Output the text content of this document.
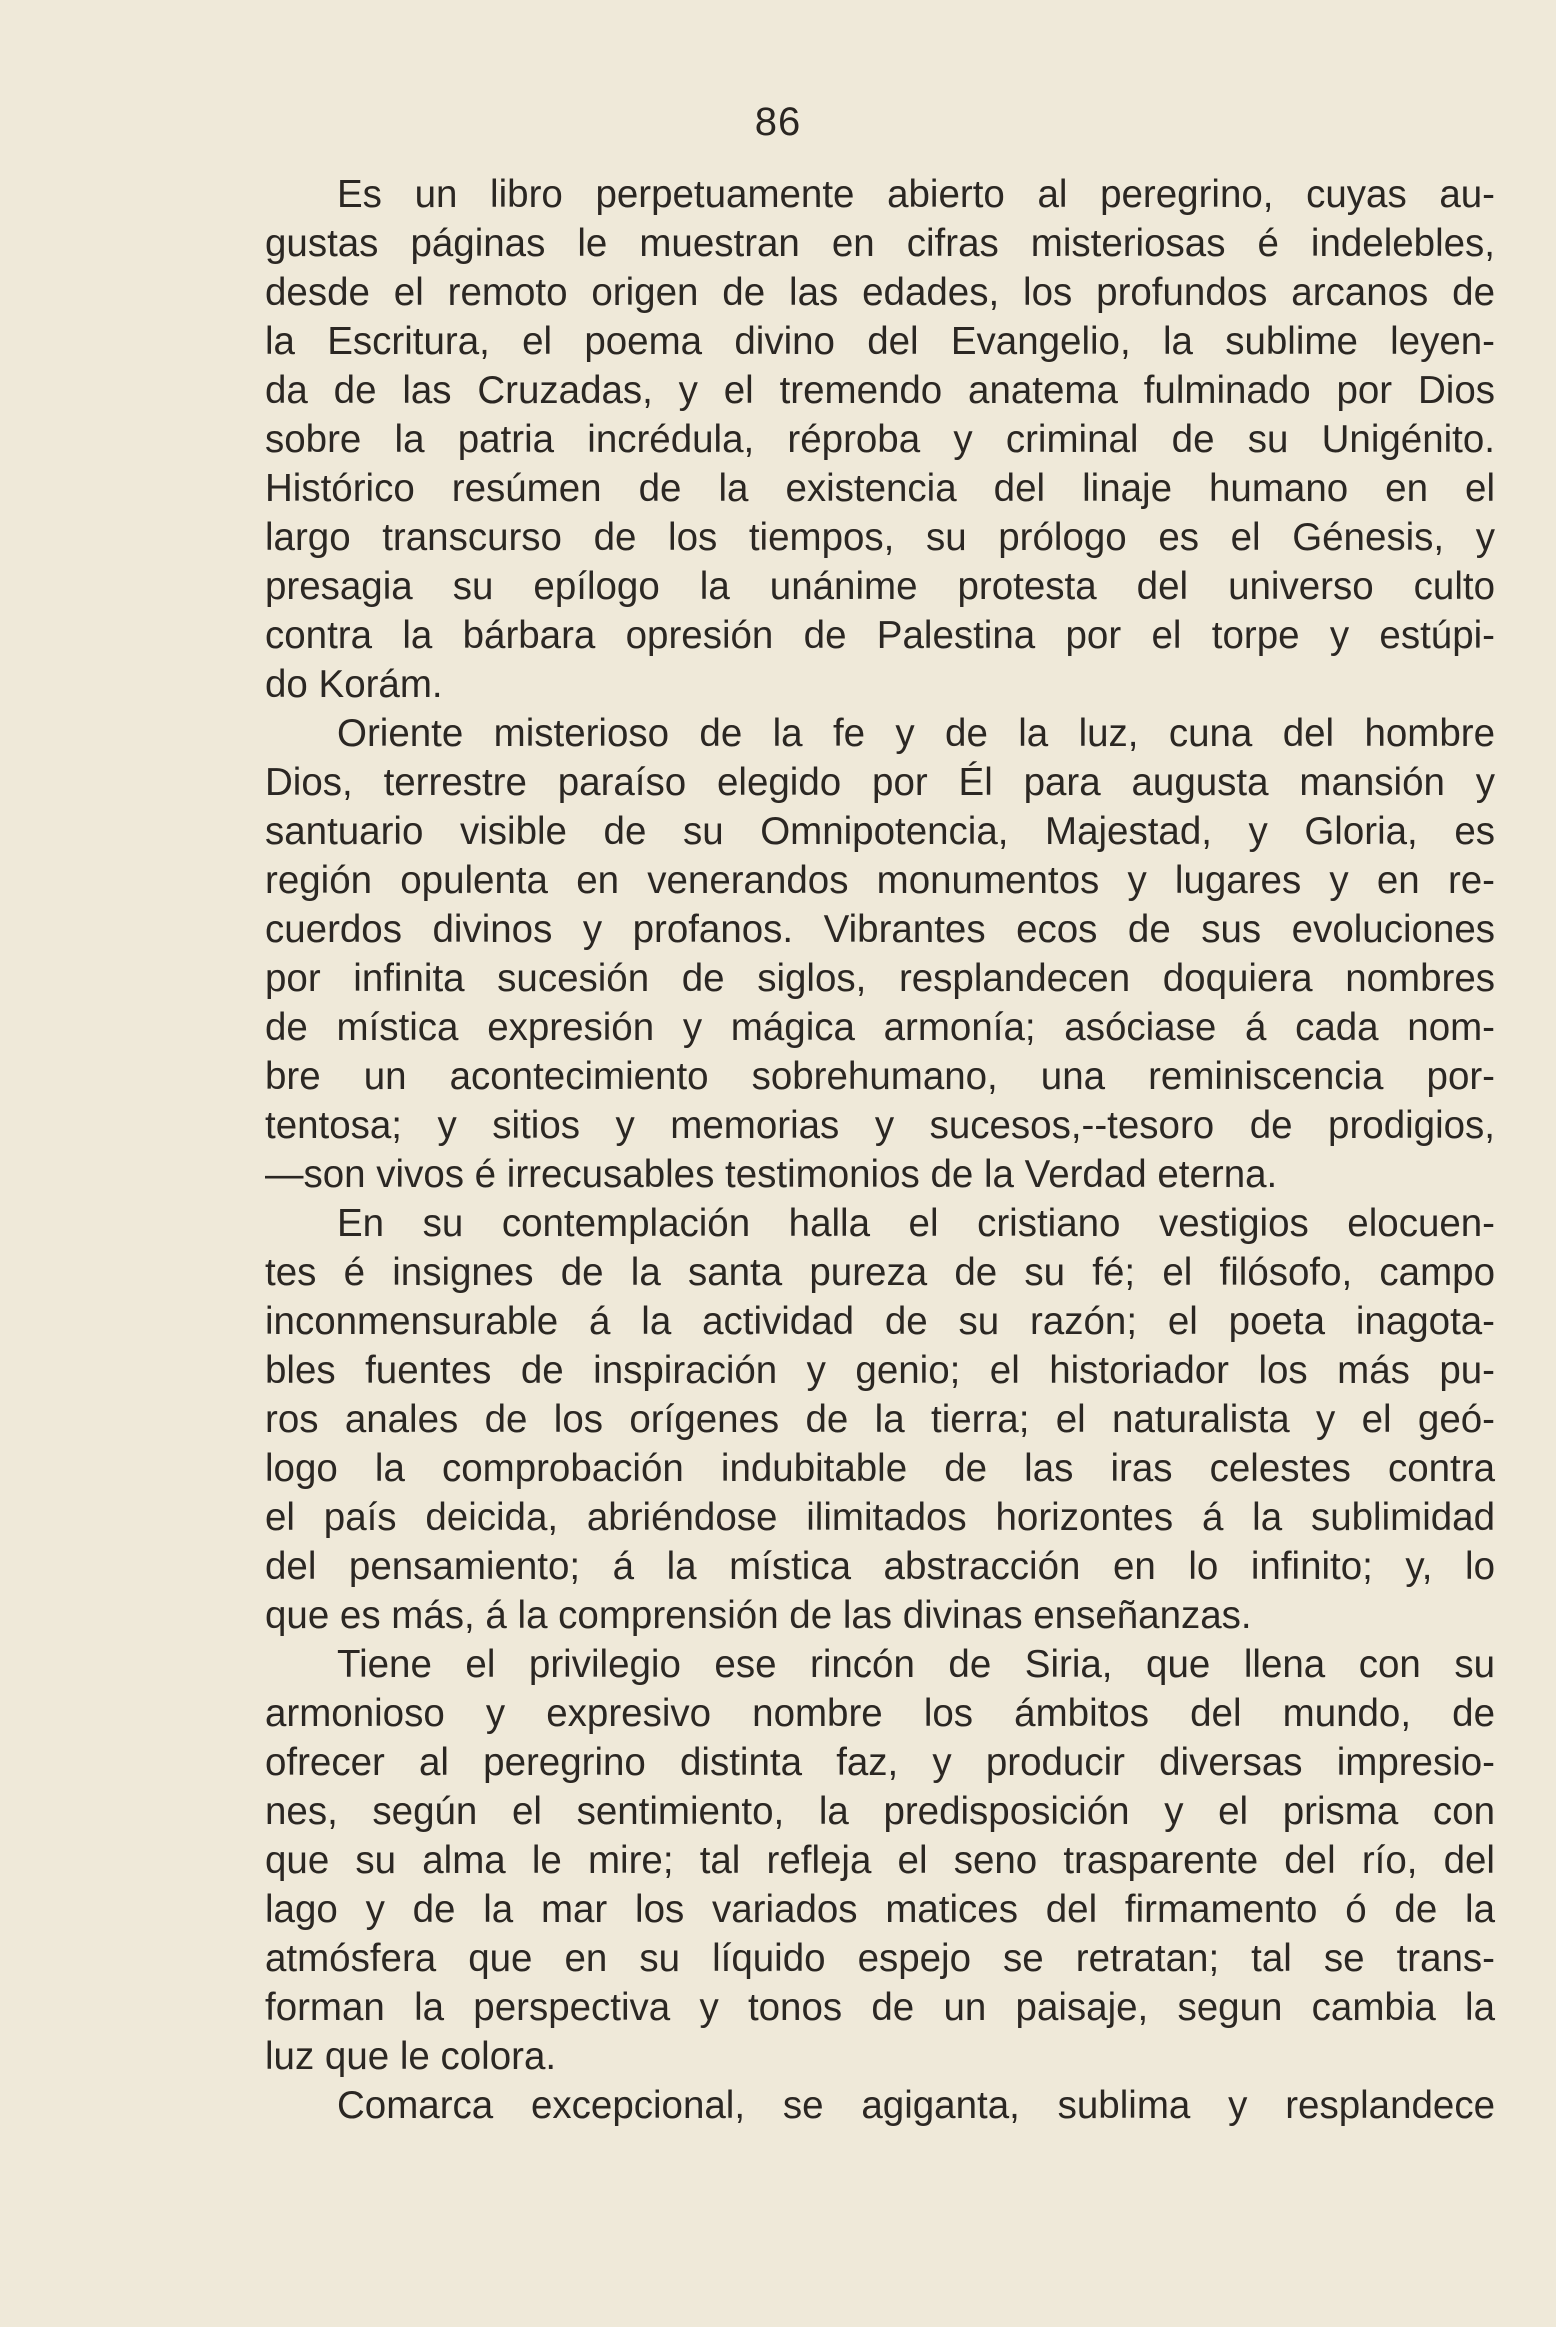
86
Es un libro perpetuamente abierto al peregrino, cuyas au-
gustas páginas le muestran en cifras misteriosas é indelebles,
desde el remoto origen de las edades, los profundos arcanos de
la Escritura, el poema divino del Evangelio, la sublime leyen-
da de las Cruzadas, y el tremendo anatema fulminado por Dios
sobre la patria incrédula, réproba y criminal de su Unigénito.
Histórico resúmen de la existencia del linaje humano en el
largo transcurso de los tiempos, su prólogo es el Génesis, y
presagia su epílogo la unánime protesta del universo culto
contra la bárbara opresión de Palestina por el torpe y estúpi-
do Korám.
Oriente misterioso de la fe y de la luz, cuna del hombre
Dios, terrestre paraíso elegido por Él para augusta mansión y
santuario visible de su Omnipotencia, Majestad, y Gloria, es
región opulenta en venerandos monumentos y lugares y en re-
cuerdos divinos y profanos. Vibrantes ecos de sus evoluciones
por infinita sucesión de siglos, resplandecen doquiera nombres
de mística expresión y mágica armonía; asóciase á cada nom-
bre un acontecimiento sobrehumano, una reminiscencia por-
tentosa; y sitios y memorias y sucesos,--tesoro de prodigios,
—son vivos é irrecusables testimonios de la Verdad eterna.
En su contemplación halla el cristiano vestigios elocuen-
tes é insignes de la santa pureza de su fé; el filósofo, campo
inconmensurable á la actividad de su razón; el poeta inagota-
bles fuentes de inspiración y genio; el historiador los más pu-
ros anales de los orígenes de la tierra; el naturalista y el geó-
logo la comprobación indubitable de las iras celestes contra
el país deicida, abriéndose ilimitados horizontes á la sublimidad
del pensamiento; á la mística abstracción en lo infinito; y, lo
que es más, á la comprensión de las divinas enseñanzas.
Tiene el privilegio ese rincón de Siria, que llena con su
armonioso y expresivo nombre los ámbitos del mundo, de
ofrecer al peregrino distinta faz, y producir diversas impresio-
nes, según el sentimiento, la predisposición y el prisma con
que su alma le mire; tal refleja el seno trasparente del río, del
lago y de la mar los variados matices del firmamento ó de la
atmósfera que en su líquido espejo se retratan; tal se trans-
forman la perspectiva y tonos de un paisaje, segun cambia la
luz que le colora.
Comarca excepcional, se agiganta, sublima y resplandece
